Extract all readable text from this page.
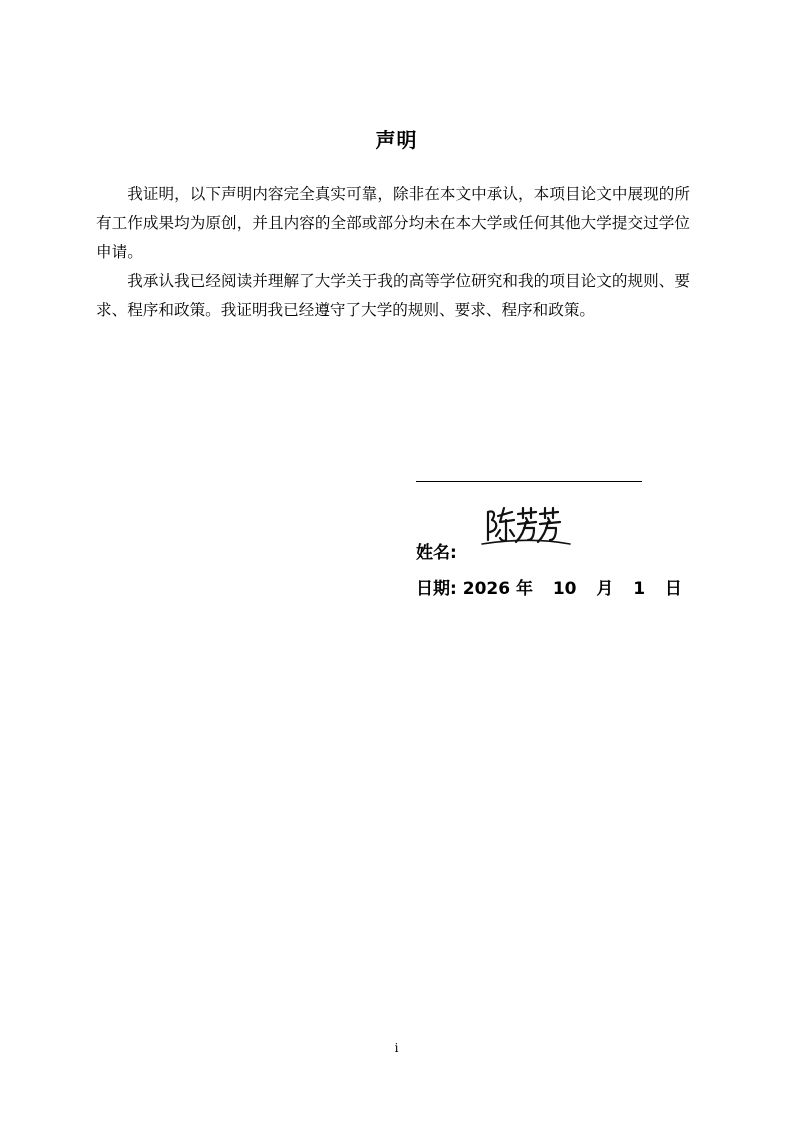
声明

我证明，以下声明内容完全真实可靠，除非在本文中承认，本项目论文中展现的所有工作成果均为原创，并且内容的全部或部分均未在本大学或任何其他大学提交过学位申请。

我承认我已经阅读并理解了大学关于我的高等学位研究和我的项目论文的规则、要求、程序和政策。我证明我已经遵守了大学的规则、要求、程序和政策。

姓名:
日期: 2026 年 10 月 1 日
i
